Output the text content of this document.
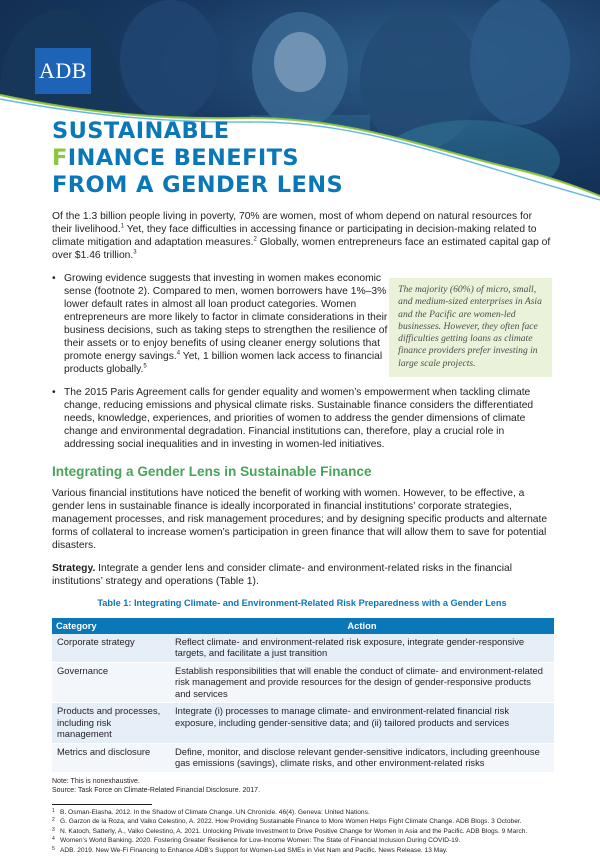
ADB
SUSTAINABLE
FINANCE BENEFITS
FROM A GENDER LENS

Of the 1.3 billion people living in poverty, 70% are women, most of whom depend on natural resources for their livelihood.$^1$ Yet, they face difficulties in accessing finance or participating in decision-making related to climate mitigation and adaptation measures.$^2$ Globally, women entrepreneurs face an estimated capital gap of over $1.46 trillion.$^3$

• Growing evidence suggests that investing in women makes economic sense (footnote 2). Compared to men, women borrowers have 1%–3% lower default rates in almost all loan product categories. Women entrepreneurs are more likely to factor in climate considerations in their business decisions, such as taking steps to strengthen the resilience of their assets or to enjoy benefits of using cleaner energy solutions that promote energy savings.$^4$ Yet, 1 billion women lack access to financial products globally.$^5$

The majority (60%) of micro, small, and medium-sized enterprises in Asia and the Pacific are women-led businesses. However, they often face difficulties getting loans as climate finance providers prefer investing in large scale projects.

• The 2015 Paris Agreement calls for gender equality and women’s empowerment when tackling climate change, reducing emissions and physical climate risks. Sustainable finance considers the differentiated needs, knowledge, experiences, and priorities of women to address the gender dimensions of climate change and environmental degradation. Financial institutions can, therefore, play a crucial role in addressing social inequalities and in investing in women-led initiatives.

Integrating a Gender Lens in Sustainable Finance

Various financial institutions have noticed the benefit of working with women. However, to be effective, a gender lens in sustainable finance is ideally incorporated in financial institutions’ corporate strategies, management processes, and risk management procedures; and by designing specific products and alternate forms of collateral to increase women’s participation in green finance that will allow them to save for potential disasters.

Strategy. Integrate a gender lens and consider climate- and environment-related risks in the financial institutions’ strategy and operations (Table 1).

Table 1: Integrating Climate- and Environment-Related Risk Preparedness with a Gender Lens
Category	Action
Corporate strategy	Reflect climate- and environment-related risk exposure, integrate gender-responsive targets, and facilitate a just transition
Governance	Establish responsibilities that will enable the conduct of climate- and environment-related risk management and provide resources for the design of gender-responsive products and services
Products and processes, including risk management	Integrate (i) processes to manage climate- and environment-related financial risk exposure, including gender-sensitive data; and (ii) tailored products and services
Metrics and disclosure	Define, monitor, and disclose relevant gender-sensitive indicators, including greenhouse gas emissions (savings), climate risks, and other environment-related risks
Note: This is nonexhaustive.
Source: Task Force on Climate-Related Financial Disclosure. 2017.
1 B. Osman-Elasha. 2012. In the Shadow of Climate Change. UN Chronicle. 46(4). Geneva: United Nations.
2 G. Garzon de la Roza, and Valko Celestino, A. 2022. How Providing Sustainable Finance to More Women Helps Fight Climate Change. ADB Blogs. 3 October.
3 N. Katoch, Satterly, A., Valko Celestino, A. 2021. Unlocking Private Investment to Drive Positive Change for Women in Asia and the Pacific. ADB Blogs. 9 March.
4 Women’s World Banking. 2020. Fostering Greater Resilience for Low-Income Women: The State of Financial Inclusion During COVID-19.
5 ADB. 2019. New We-Fi Financing to Enhance ADB’s Support for Women-Led SMEs in Viet Nam and Pacific. News Release. 13 May.
